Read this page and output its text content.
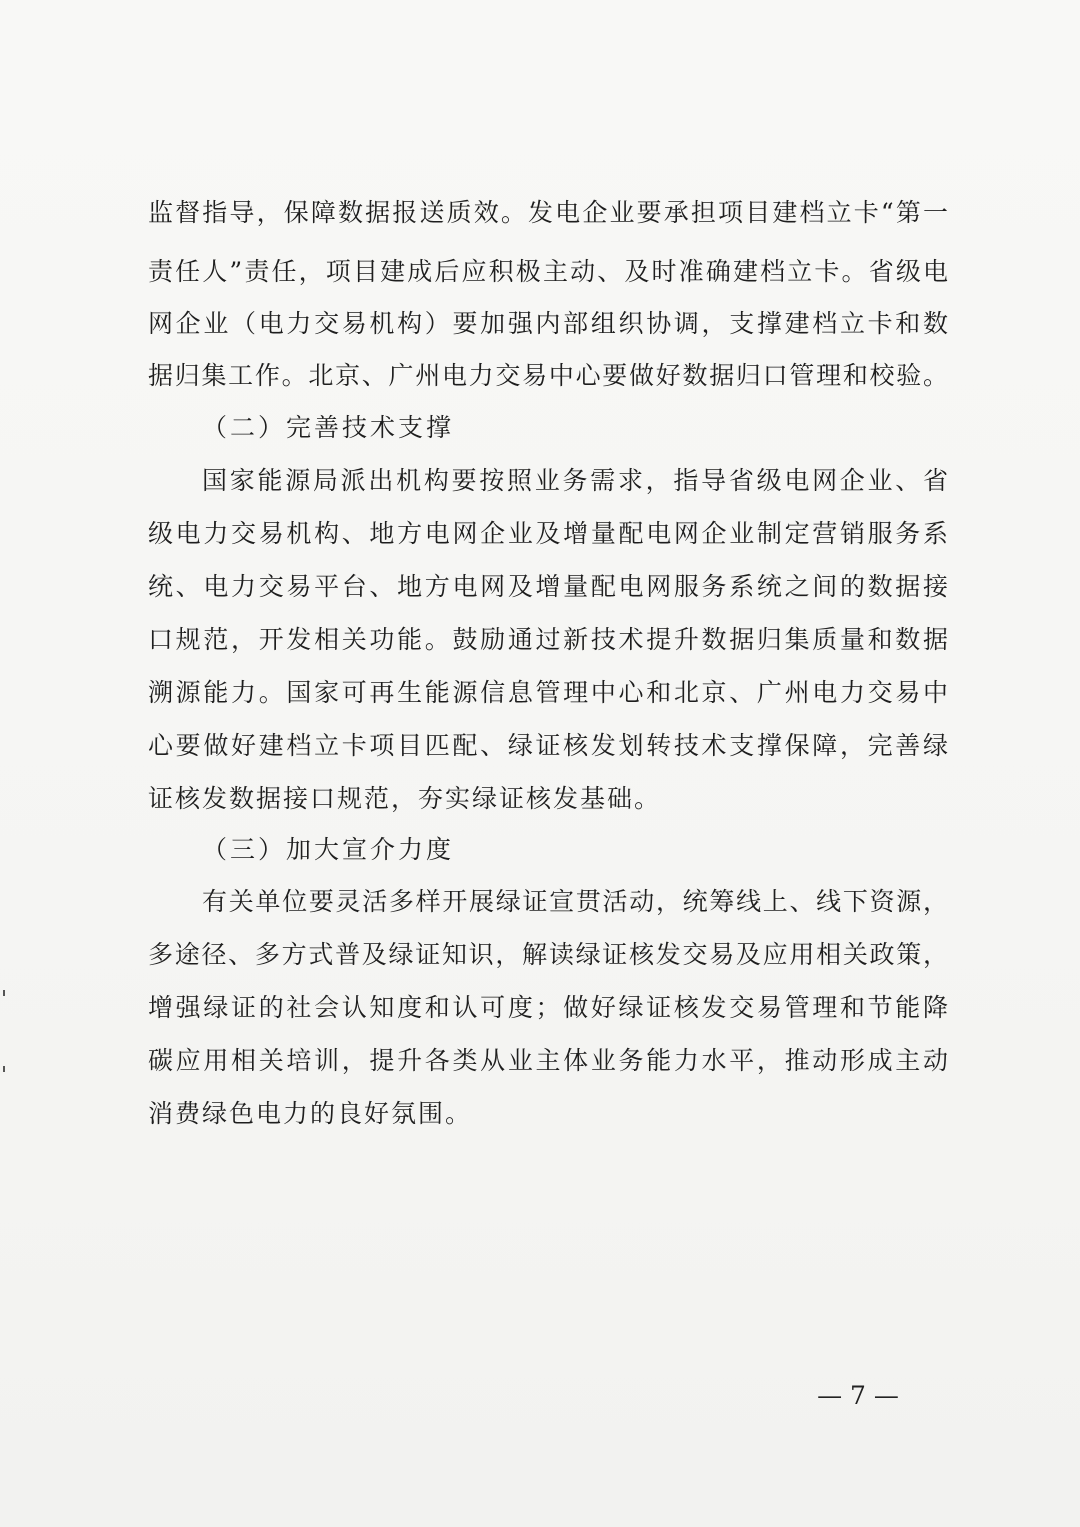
监督指导，保障数据报送质效。发电企业要承担项目建档立卡“第一
责任人”责任，项目建成后应积极主动、及时准确建档立卡。省级电
网企业（电力交易机构）要加强内部组织协调，支撑建档立卡和数
据归集工作。北京、广州电力交易中心要做好数据归口管理和校验。
（二）完善技术支撑
国家能源局派出机构要按照业务需求，指导省级电网企业、省
级电力交易机构、地方电网企业及增量配电网企业制定营销服务系
统、电力交易平台、地方电网及增量配电网服务系统之间的数据接
口规范，开发相关功能。鼓励通过新技术提升数据归集质量和数据
溯源能力。国家可再生能源信息管理中心和北京、广州电力交易中
心要做好建档立卡项目匹配、绿证核发划转技术支撑保障，完善绿
证核发数据接口规范，夯实绿证核发基础。
（三）加大宣介力度
有关单位要灵活多样开展绿证宣贯活动，统筹线上、线下资源，
多途径、多方式普及绿证知识，解读绿证核发交易及应用相关政策，
增强绿证的社会认知度和认可度；做好绿证核发交易管理和节能降
碳应用相关培训，提升各类从业主体业务能力水平，推动形成主动
消费绿色电力的良好氛围。
— 7 —
